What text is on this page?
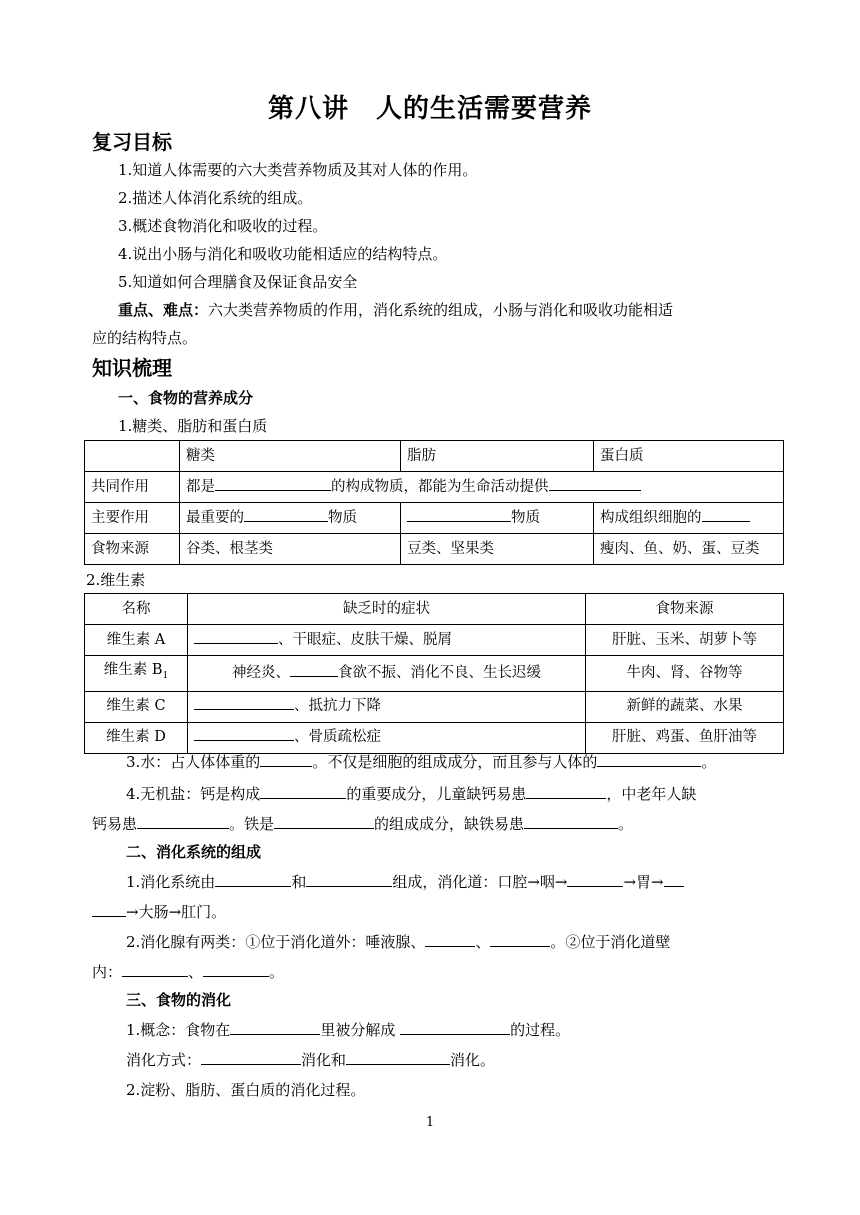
第八讲　人的生活需要营养
复习目标
1.知道人体需要的六大类营养物质及其对人体的作用。
2.描述人体消化系统的组成。
3.概述食物消化和吸收的过程。
4.说出小肠与消化和吸收功能相适应的结构特点。
5.知道如何合理膳食及保证食品安全
重点、难点：六大类营养物质的作用，消化系统的组成，小肠与消化和吸收功能相适
应的结构特点。
知识梳理
一、食物的营养成分
1.糖类、脂肪和蛋白质
	糖类	脂肪	蛋白质
共同作用	都是 的构成物质，都能为生命活动提供		
主要作用	最重要的 物质	物质	构成组织细胞的
食物来源	谷类、根茎类	豆类、坚果类	瘦肉、鱼、奶、蛋、豆类
2.维生素
名称	缺乏时的症状	食物来源
维生素 A	、干眼症、皮肤干燥、脱屑	肝脏、玉米、胡萝卜等
维生素 $B_1$	神经炎、 食欲不振、消化不良、生长迟缓	牛肉、肾、谷物等
维生素 C	、抵抗力下降	新鲜的蔬菜、水果
维生素 D	、骨质疏松症	肝脏、鸡蛋、鱼肝油等
3.水：占人体体重的	。不仅是细胞的组成成分，而且参与人体的	。
4.无机盐：钙是构成	的重要成分，儿童缺钙易患	，中老年人缺
钙易患	。铁是	的组成成分，缺铁易患	。
二、消化系统的组成
1.消化系统由	和	组成，消化道：口腔→咽→	→胃→
→大肠→肛门。
2.消化腺有两类：①位于消化道外：唾液腺、	、	。②位于消化道壁
内：	、	。
三、食物的消化
1.概念：食物在	里被分解成	的过程。
消化方式：	消化和	消化。
2.淀粉、脂肪、蛋白质的消化过程。
1
